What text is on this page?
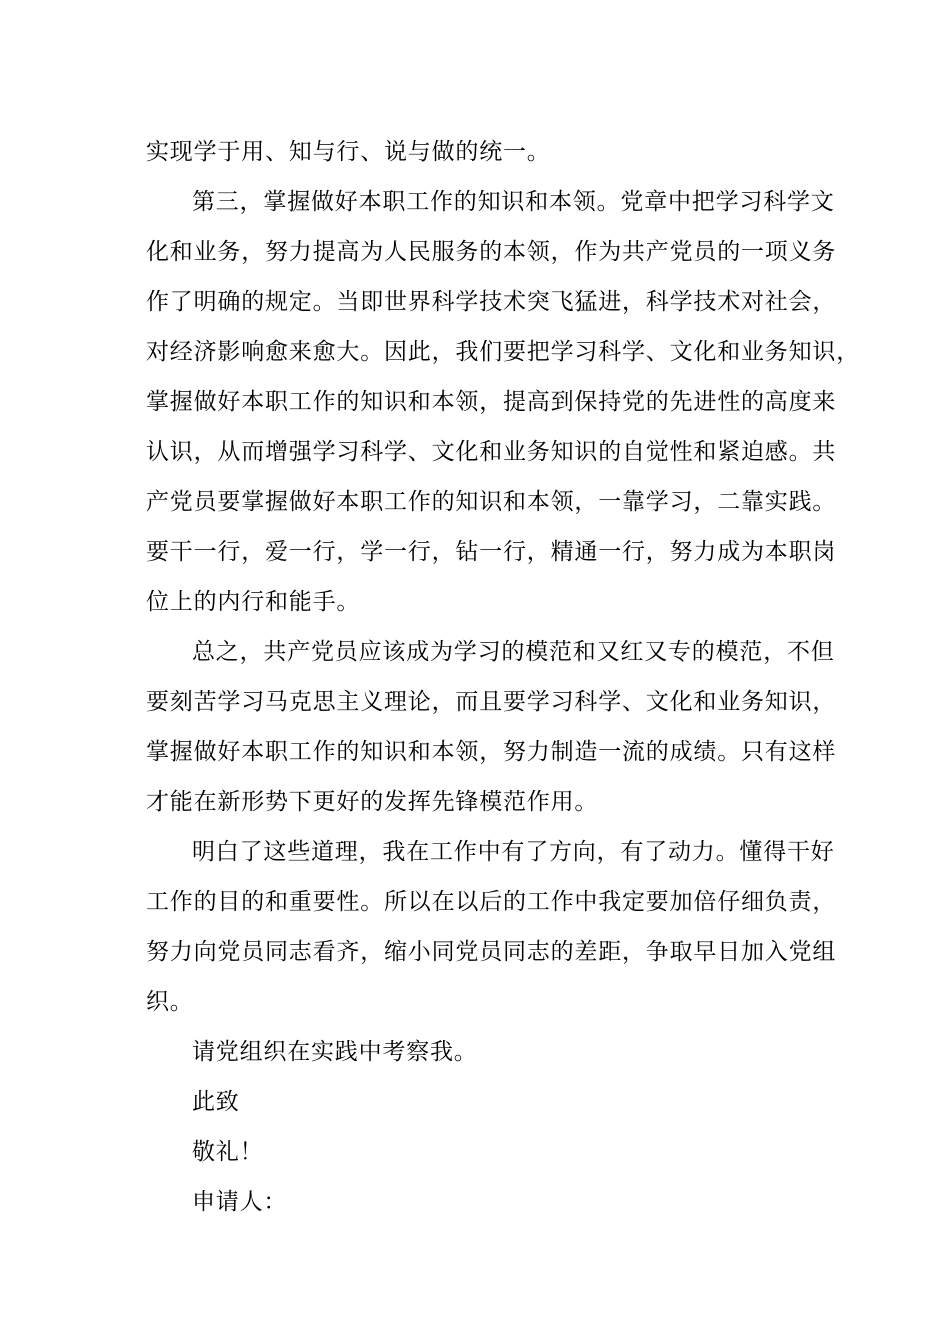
实现学于用、知与行、说与做的统一。

第三，掌握做好本职工作的知识和本领。党章中把学习科学文

化和业务，努力提高为人民服务的本领，作为共产党员的一项义务

作了明确的规定。当即世界科学技术突飞猛进，科学技术对社会，

对经济影响愈来愈大。因此，我们要把学习科学、文化和业务知识，

掌握做好本职工作的知识和本领，提高到保持党的先进性的高度来

认识，从而增强学习科学、文化和业务知识的自觉性和紧迫感。共

产党员要掌握做好本职工作的知识和本领，一靠学习，二靠实践。

要干一行，爱一行，学一行，钻一行，精通一行，努力成为本职岗

位上的内行和能手。

总之，共产党员应该成为学习的模范和又红又专的模范，不但

要刻苦学习马克思主义理论，而且要学习科学、文化和业务知识，

掌握做好本职工作的知识和本领，努力制造一流的成绩。只有这样

才能在新形势下更好的发挥先锋模范作用。

明白了这些道理，我在工作中有了方向，有了动力。懂得干好

工作的目的和重要性。所以在以后的工作中我定要加倍仔细负责，

努力向党员同志看齐，缩小同党员同志的差距，争取早日加入党组

织。

请党组织在实践中考察我。

此致

敬礼！

申请人：
